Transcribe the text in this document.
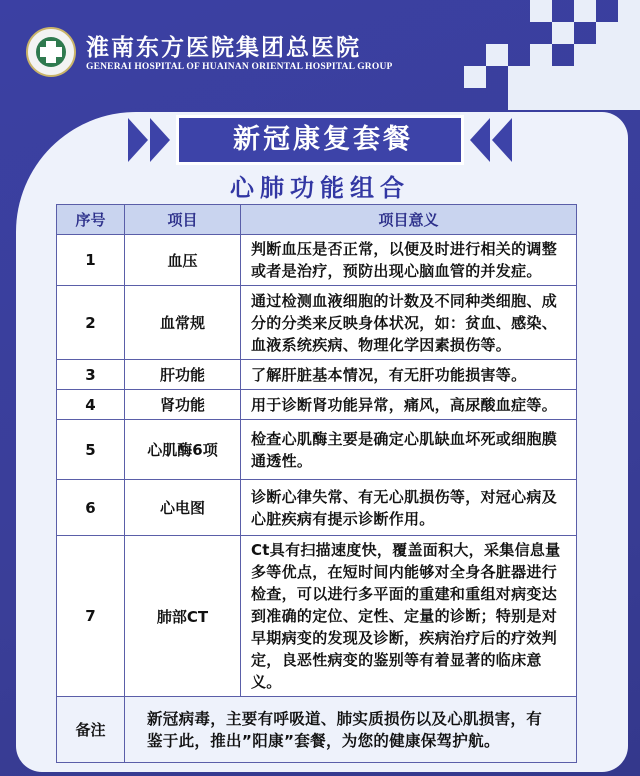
淮南东方医院集团总医院
GENERAI HOSPITAL OF HUAINAN ORIENTAL HOSPITAL GROUP
新冠康复套餐
心肺功能组合
序号	项目	项目意义
1	血压	判断血压是否正常，以便及时进行相关的调整或者是治疗，预防出现心脑血管的并发症。
2	血常规	通过检测血液细胞的计数及不同种类细胞、成分的分类来反映身体状况，如：贫血、感染、血液系统疾病、物理化学因素损伤等。
3	肝功能	了解肝脏基本情况，有无肝功能损害等。
4	肾功能	用于诊断肾功能异常，痛风，高尿酸血症等。
5	心肌酶6项	检查心肌酶主要是确定心肌缺血坏死或细胞膜通透性。
6	心电图	诊断心律失常、有无心肌损伤等，对冠心病及心脏疾病有提示诊断作用。
7	肺部CT	Ct具有扫描速度快，覆盖面积大，采集信息量多等优点，在短时间内能够对全身各脏器进行检查，可以进行多平面的重建和重组对病变达到准确的定位、定性、定量的诊断；特别是对早期病变的发现及诊断，疾病治疗后的疗效判定，良恶性病变的鉴别等有着显著的临床意义。
备注	新冠病毒，主要有呼吸道、肺实质损伤以及心肌损害，有鉴于此，推出”阳康”套餐，为您的健康保驾护航。	
